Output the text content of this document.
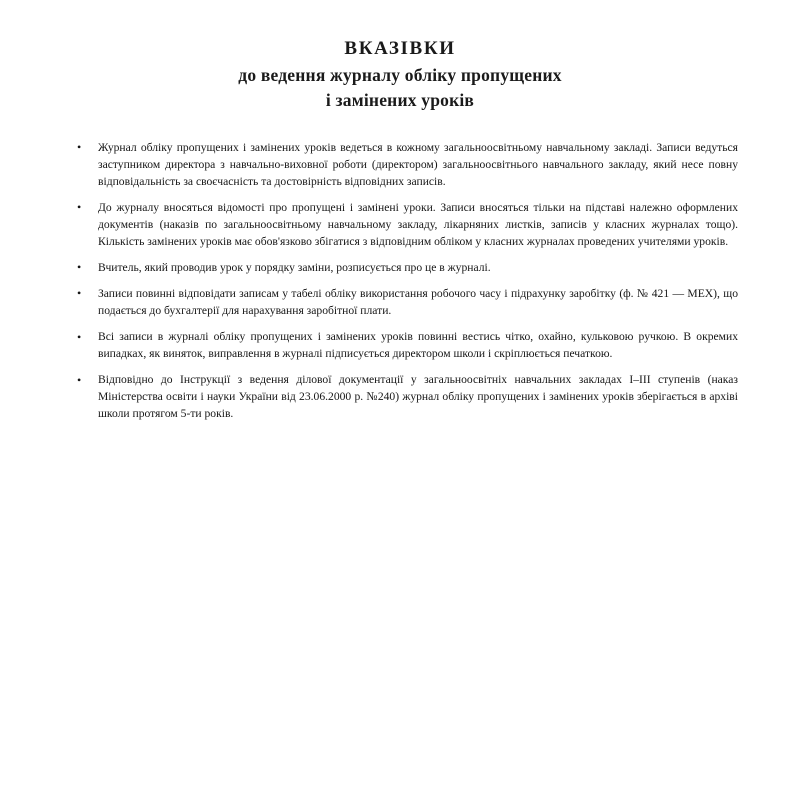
ВКАЗІВКИ
до ведення журналу обліку пропущених
і замінених уроків
• Журнал обліку пропущених і замінених уроків ведеться в кожному загальноосвітньому навчальному закладі. Записи ведуться заступником директора з навчально-виховної роботи (директором) загальноосвітнього навчального закладу, який несе повну відповідальність за своєчасність та достовірність відповідних записів.

• До журналу вносяться відомості про пропущені і замінені уроки. Записи вносяться тільки на підставі належно оформлених документів (наказів по загальноосвітньому навчальному закладу, лікарняних листків, записів у класних журналах тощо). Кількість замінених уроків має обов'язково збігатися з відповідним обліком у класних журналах проведених учителями уроків.

• Вчитель, який проводив урок у порядку заміни, розписується про це в журналі.

• Записи повинні відповідати записам у табелі обліку використання робочого часу і підрахунку заробітку (ф. № 421 — МЕХ), що подається до бухгалтерії для нарахування заробітної плати.

• Всі записи в журналі обліку пропущених і замінених уроків повинні вестись чітко, охайно, кульковою ручкою. В окремих випадках, як виняток, виправлення в журналі підписується директором школи і скріплюється печаткою.

• Відповідно до Інструкції з ведення ділової документації у загальноосвітніх навчальних закладах I–III ступенів (наказ Міністерства освіти і науки України від 23.06.2000 р. №240) журнал обліку пропущених і замінених уроків зберігається в архіві школи протягом 5-ти років.
